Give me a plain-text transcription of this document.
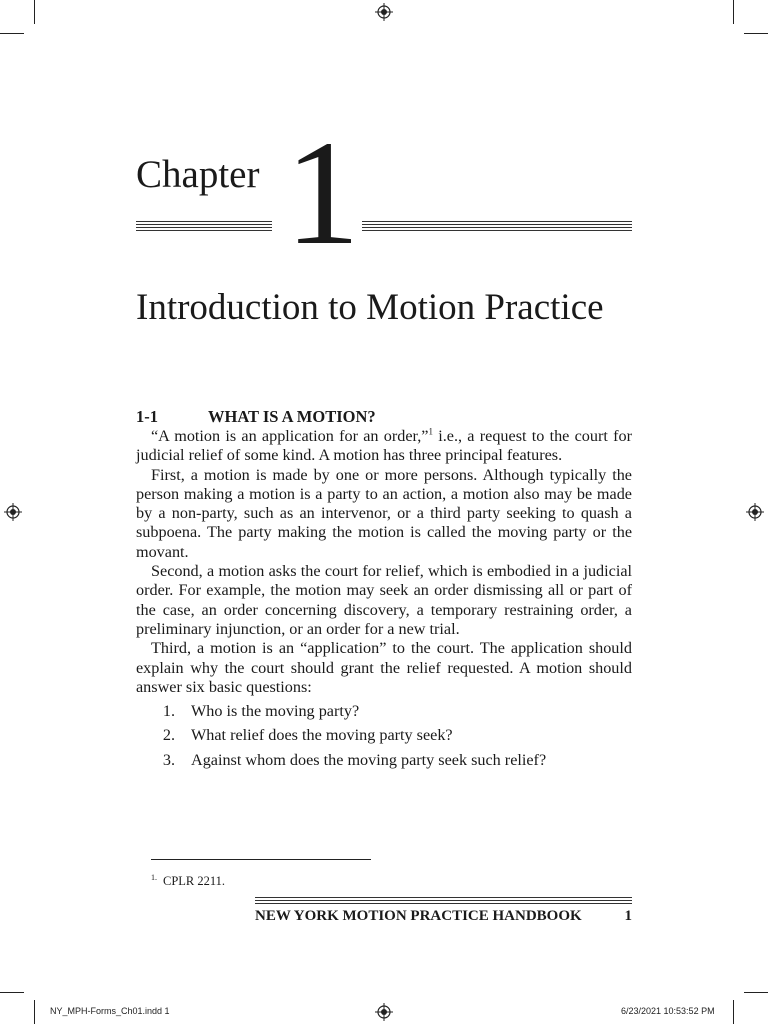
Chapter 1
Introduction to Motion Practice
1-1	WHAT IS A MOTION?

“A motion is an application for an order,”$^1$ i.e., a request to the court for judicial relief of some kind. A motion has three principal features.

First, a motion is made by one or more persons. Although typically the person making a motion is a party to an action, a motion also may be made by a non-party, such as an intervenor, or a third party seeking to quash a subpoena. The party making the motion is called the moving party or the movant.

Second, a motion asks the court for relief, which is embodied in a judicial order. For example, the motion may seek an order dismissing all or part of the case, an order concerning discovery, a temporary restraining order, a preliminary injunction, or an order for a new trial.

Third, a motion is an “application” to the court. The application should explain why the court should grant the relief requested. A motion should answer six basic questions:

1. Who is the moving party?
2. What relief does the moving party seek?
3. Against whom does the moving party seek such relief?
$^{1.}$ CPLR 2211.
NEW YORK MOTION PRACTICE HANDBOOK	1
NY_MPH-Forms_Ch01.indd 1	6/23/2021 10:53:52 PM
